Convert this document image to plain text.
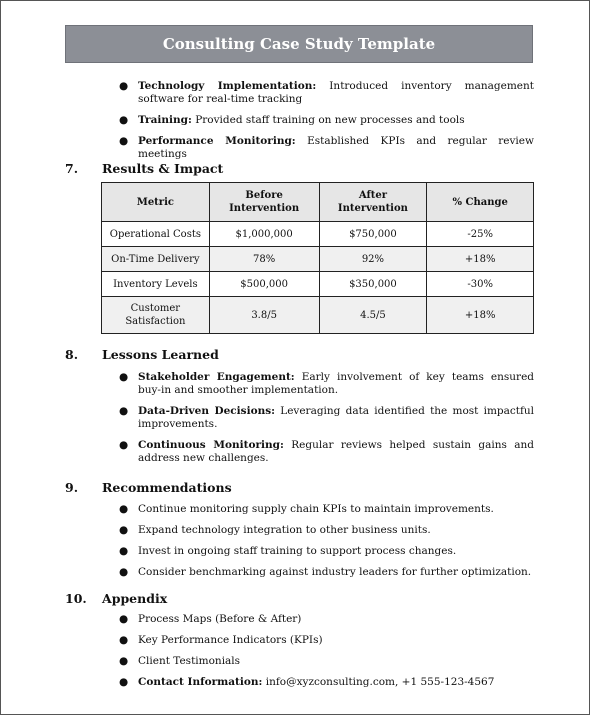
Consulting Case Study Template
● Technology Implementation: Introduced inventory management software for real-time tracking
● Training: Provided staff training on new processes and tools
● Performance Monitoring: Established KPIs and regular review meetings
7. Results & Impact
Metric	Before Intervention	After Intervention	% Change
Operational Costs	$1,000,000	$750,000	-25%
On-Time Delivery	78%	92%	+18%
Inventory Levels	$500,000	$350,000	-30%
Customer Satisfaction	3.8/5	4.5/5	+18%
8. Lessons Learned
● Stakeholder Engagement: Early involvement of key teams ensured buy-in and smoother implementation.
● Data-Driven Decisions: Leveraging data identified the most impactful improvements.
● Continuous Monitoring: Regular reviews helped sustain gains and address new challenges.
9. Recommendations
● Continue monitoring supply chain KPIs to maintain improvements.
● Expand technology integration to other business units.
● Invest in ongoing staff training to support process changes.
● Consider benchmarking against industry leaders for further optimization.
10. Appendix
● Process Maps (Before & After)
● Key Performance Indicators (KPIs)
● Client Testimonials
● Contact Information: info@xyzconsulting.com, +1 555-123-4567
